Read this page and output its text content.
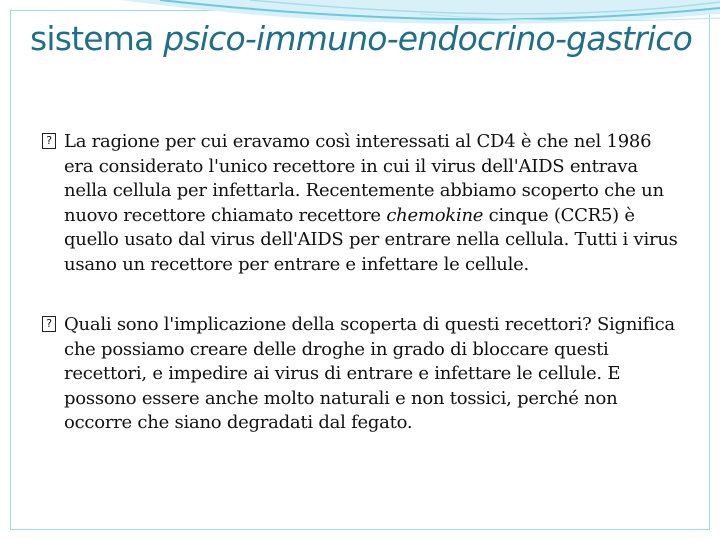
sistema psico-immuno-endocrino-gastrico
? La ragione per cui eravamo così interessati al CD4 è che nel 1986 era considerato l'unico recettore in cui il virus dell'AIDS entrava nella cellula per infettarla. Recentemente abbiamo scoperto che un nuovo recettore chiamato recettore chemokine cinque (CCR5) è quello usato dal virus dell'AIDS per entrare nella cellula. Tutti i virus usano un recettore per entrare e infettare le cellule.
? Quali sono l'implicazione della scoperta di questi recettori? Significa che possiamo creare delle droghe in grado di bloccare questi recettori, e impedire ai virus di entrare e infettare le cellule. E possono essere anche molto naturali e non tossici, perché non occorre che siano degradati dal fegato.
